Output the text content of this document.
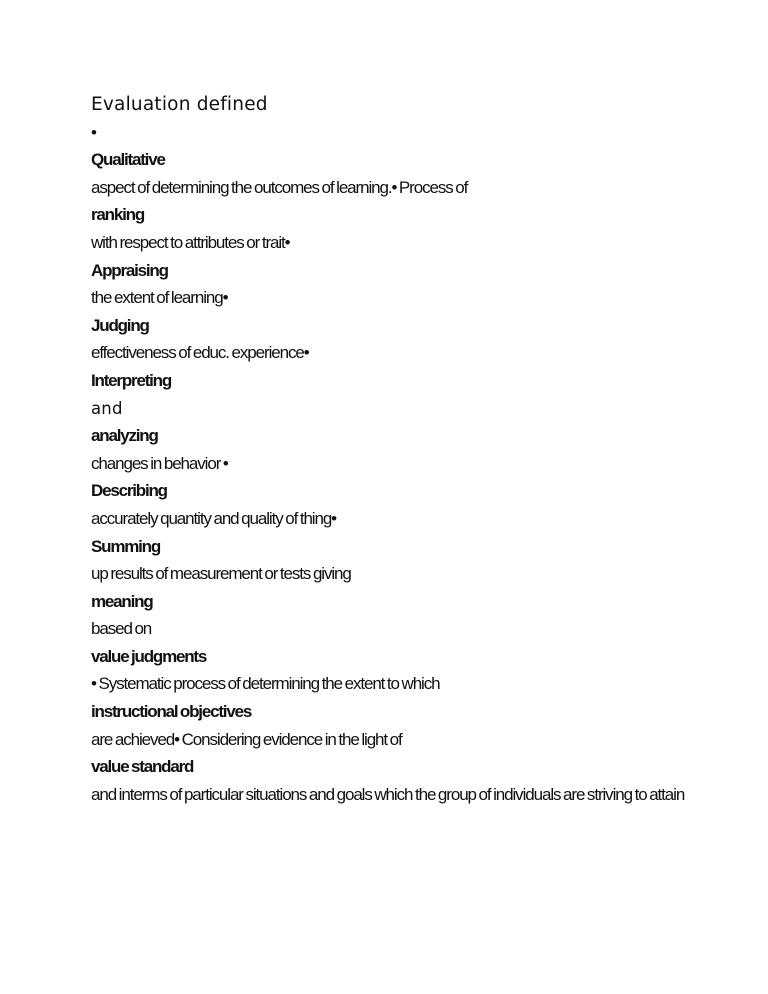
Evaluation defined
•
Qualitative
aspect of determining the outcomes of learning.• Process of
ranking
with respect to attributes or trait•
Appraising
the extent of learning•
Judging
effectiveness of educ. experience•
Interpreting
and
analyzing
changes in behavior •
Describing
accurately quantity and quality of thing•
Summing
up results of measurement or tests giving
meaning
based on
value judgments
• Systematic process of determining the extent to which
instructional objectives
are achieved• Considering evidence in the light of
value standard
and interms of particular situations and goals which the group of individuals are striving to attain
